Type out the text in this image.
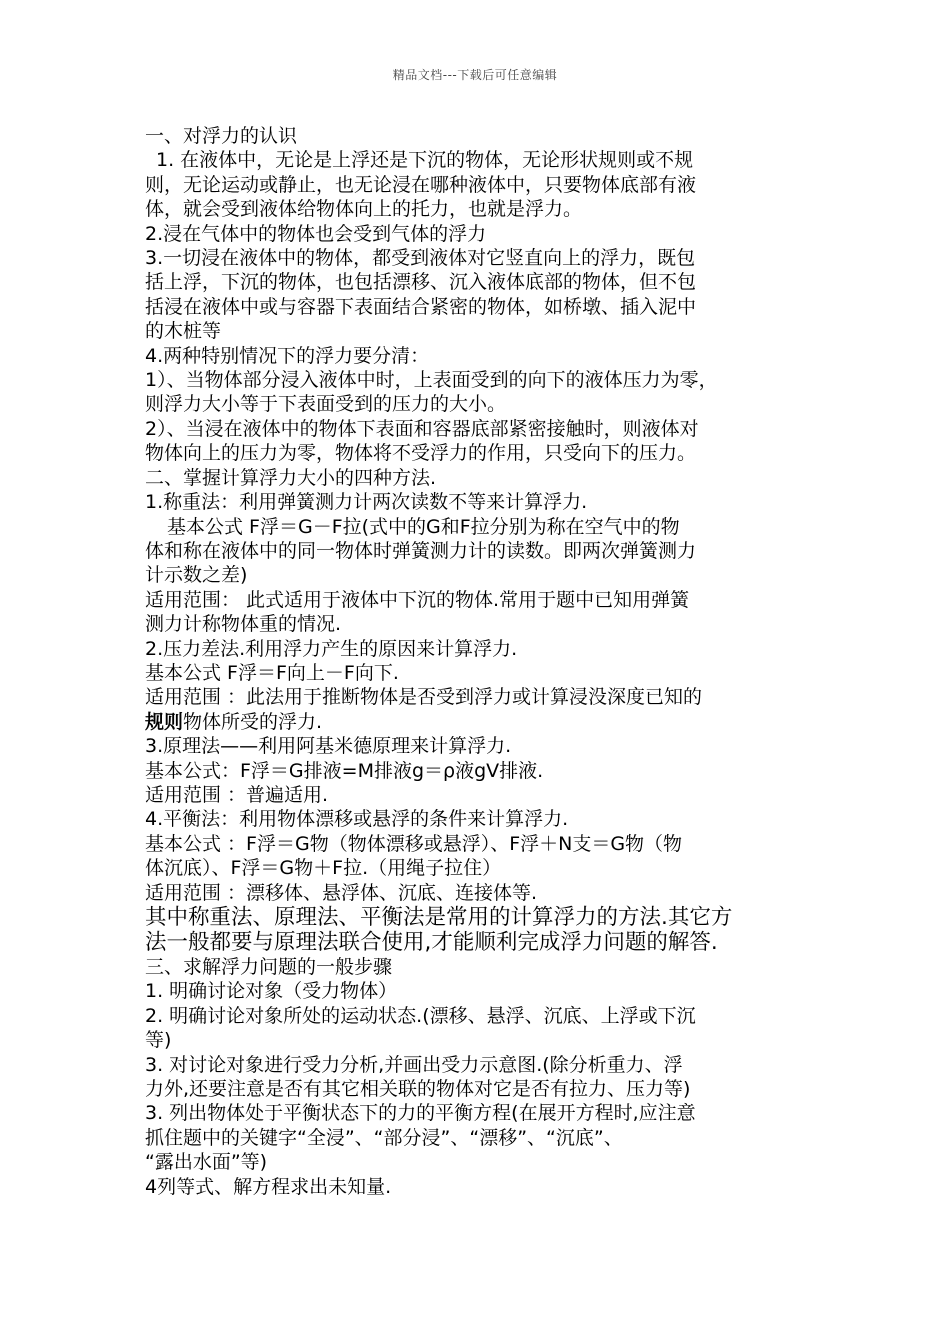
精品文档---下载后可任意编辑
一、对浮力的认识
1. 在液体中，无论是上浮还是下沉的物体，无论形状规则或不规
则，无论运动或静止，也无论浸在哪种液体中，只要物体底部有液
体，就会受到液体给物体向上的托力，也就是浮力。
2.浸在气体中的物体也会受到气体的浮力
3.一切浸在液体中的物体，都受到液体对它竖直向上的浮力，既包
括上浮，下沉的物体，也包括漂移、沉入液体底部的物体，但不包
括浸在液体中或与容器下表面结合紧密的物体，如桥墩、插入泥中
的木桩等
4.两种特别情况下的浮力要分清：
1）、当物体部分浸入液体中时，上表面受到的向下的液体压力为零，
则浮力大小等于下表面受到的压力的大小。
2）、当浸在液体中的物体下表面和容器底部紧密接触时，则液体对
物体向上的压力为零，物体将不受浮力的作用，只受向下的压力。
二、掌握计算浮力大小的四种方法.
1.称重法：利用弹簧测力计两次读数不等来计算浮力.
基本公式 F浮＝G－F拉(式中的G和F拉分别为称在空气中的物
体和称在液体中的同一物体时弹簧测力计的读数。即两次弹簧测力
计示数之差)
适用范围： 此式适用于液体中下沉的物体.常用于题中已知用弹簧
测力计称物体重的情况.
2.压力差法.利用浮力产生的原因来计算浮力.
基本公式 F浮＝F向上－F向下.
适用范围 ：此法用于推断物体是否受到浮力或计算浸没深度已知的
规则物体所受的浮力.
3.原理法——利用阿基米德原理来计算浮力.
基本公式：F浮＝G排液=M排液g＝ρ液gV排液.
适用范围 ：普遍适用.
4.平衡法：利用物体漂移或悬浮的条件来计算浮力.
基本公式 ：F浮＝G物（物体漂移或悬浮）、F浮＋N支＝G物（物
体沉底）、F浮＝G物＋F拉.（用绳子拉住）
适用范围 ：漂移体、悬浮体、沉底、连接体等.
其中称重法、原理法、平衡法是常用的计算浮力的方法.其它方
法一般都要与原理法联合使用,才能顺利完成浮力问题的解答.
三、求解浮力问题的一般步骤
1. 明确讨论对象（受力物体）
2. 明确讨论对象所处的运动状态.(漂移、悬浮、沉底、上浮或下沉
等)
3. 对讨论对象进行受力分析,并画出受力示意图.(除分析重力、浮
力外,还要注意是否有其它相关联的物体对它是否有拉力、压力等)
3. 列出物体处于平衡状态下的力的平衡方程(在展开方程时,应注意
抓住题中的关键字“全浸”、“部分浸”、“漂移”、“沉底”、
“露出水面”等)
4列等式、解方程求出未知量.
